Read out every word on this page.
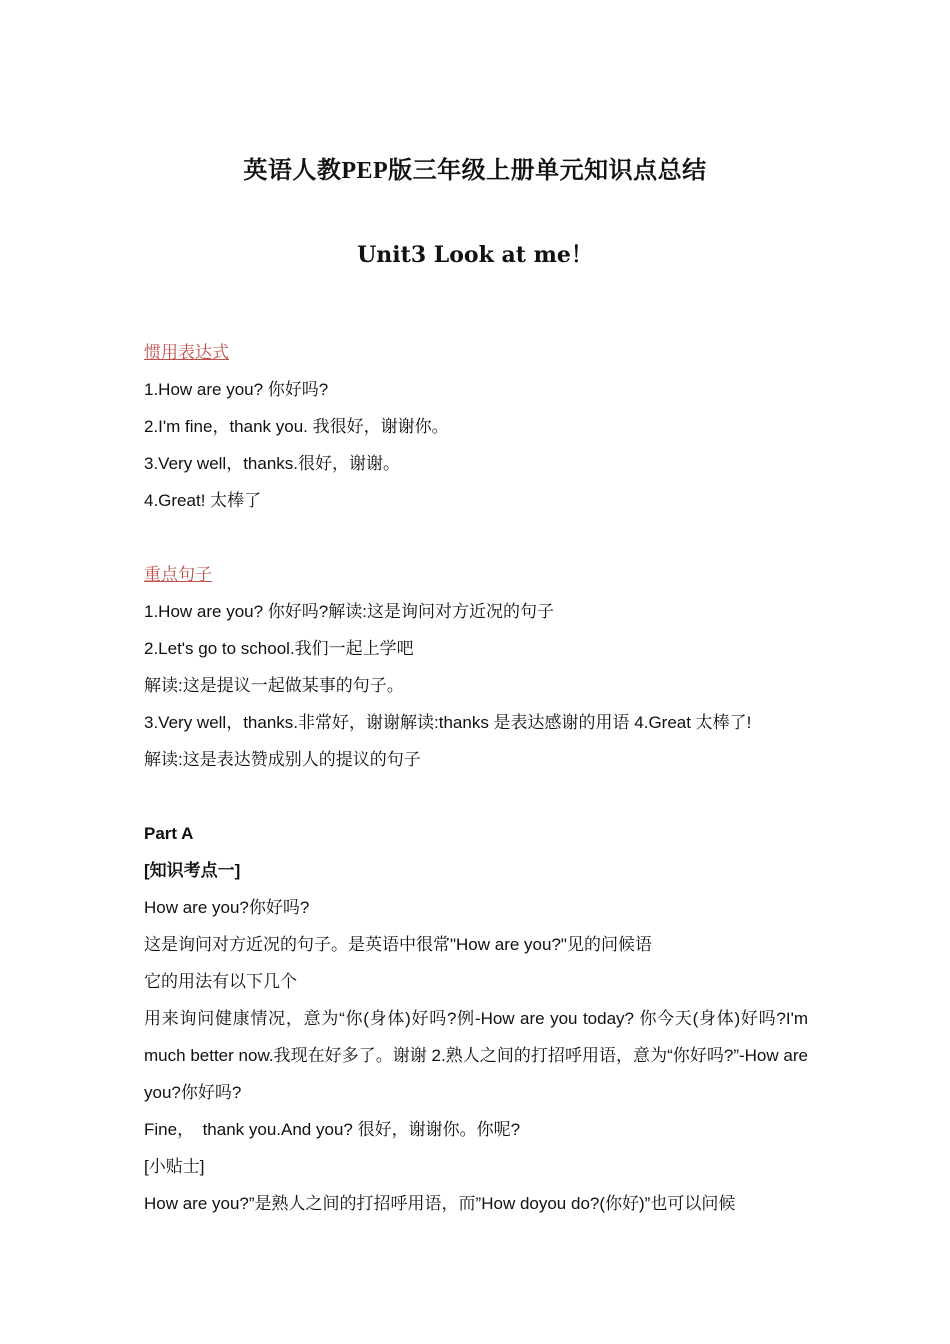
英语人教PEP版三年级上册单元知识点总结
Unit3 Look at me！

惯用表达式

1.How are you? 你好吗?

2.I'm fine，thank you. 我很好，谢谢你。

3.Very well，thanks.很好，谢谢。

4.Great! 太棒了

重点句子

1.How are you? 你好吗?解读:这是询问对方近况的句子

2.Let's go to school.我们一起上学吧

解读:这是提议一起做某事的句子。

3.Very well，thanks.非常好，谢谢解读:thanks 是表达感谢的用语 4.Great 太棒了!

解读:这是表达赞成别人的提议的句子

Part A

[知识考点一]

How are you?你好吗?

这是询问对方近况的句子。是英语中很常"How are you?"见的问候语

它的用法有以下几个

用来询问健康情况，意为“你(身体)好吗?例-How are you today? 你今天(身体)好吗?I'm much better now.我现在好多了。谢谢 2.熟人之间的打招呼用语，意为“你好吗?”-How are you?你好吗?

Fine，　thank you.And you? 很好，谢谢你。你呢?

[小贴士]

How are you?”是熟人之间的打招呼用语，而”How doyou do?(你好)”也可以问候
